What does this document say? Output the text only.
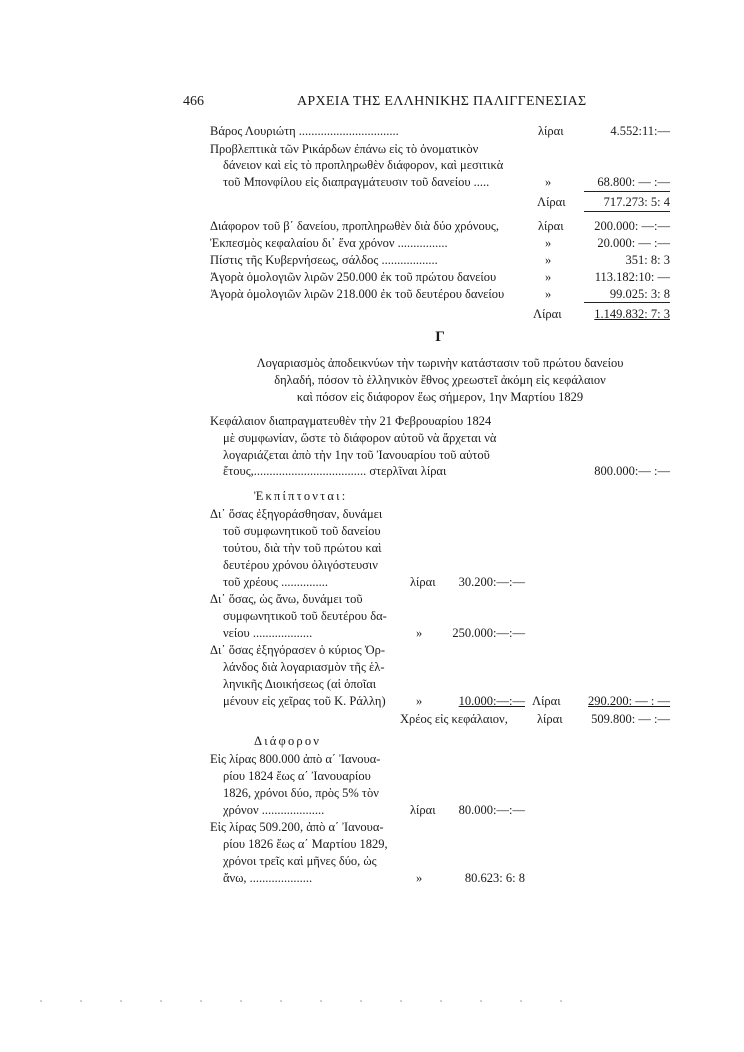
466	ΑΡΧΕΙΑ ΤΗΣ ΕΛΛΗΝΙΚΗΣ ΠΑΛΙΓΓΕΝΕΣΙΑΣ
Βάρος Λουριώτη ................................	λίραι	4.552:11:—
Προβλεπτικὰ τῶν Ρικάρδων ἐπάνω εἰς τὸ ὀνοματικὸν
δάνειον καὶ εἰς τὸ προπληρωθὲν διάφορον, καὶ μεσιτικὰ
τοῦ Μπονφίλου εἰς διαπραγμάτευσιν τοῦ δανείου .....	»	68.800: — :—
Λίραι	717.273: 5: 4
Διάφορον τοῦ β΄ δανείου, προπληρωθὲν διὰ δύο χρόνους,	λίραι	200.000: —:—
Ἐκπεσμὸς κεφαλαίου δι᾿ ἕνα χρόνον ................	»	20.000: — :—
Πίστις τῆς Κυβερνήσεως, σάλδος ..................	»	351: 8: 3
Ἀγορὰ ὁμολογιῶν λιρῶν 250.000 ἐκ τοῦ πρώτου δανείου	»	113.182:10: —
Ἀγορὰ ὁμολογιῶν λιρῶν 218.000 ἐκ τοῦ δευτέρου δανείου	»	99.025: 3: 8
Λίραι	1.149.832: 7: 3
Γ
Λογαριασμὸς ἀποδεικνύων τὴν τωρινὴν κατάστασιν τοῦ πρώτου δανείου
δηλαδή, πόσον τὸ ἑλληνικὸν ἔθνος χρεωστεῖ ἀκόμη εἰς κεφάλαιον
καὶ πόσον εἰς διάφορον ἕως σήμερον, 1ην Μαρτίου 1829
Κεφάλαιον διαπραγματευθὲν τὴν 21 Φεβρουαρίου 1824
μὲ συμφωνίαν, ὥστε τὸ διάφορον αὐτοῦ νὰ ἄρχεται νὰ
λογαριάζεται ἀπὸ τὴν 1ην τοῦ Ἰανουαρίου τοῦ αὐτοῦ
ἔτους,.................................... στερλῖναι λίραι	800.000:— :—
Ἐκπίπτονται:
Δι᾿ ὅσας ἐξηγοράσθησαν, δυνάμει
τοῦ συμφωνητικοῦ τοῦ δανείου
τούτου, διὰ τὴν τοῦ πρώτου καὶ
δευτέρου χρόνου ὀλιγόστευσιν
τοῦ χρέους ...............	λίραι	30.200:—:—
Δι᾿ ὅσας, ὡς ἄνω, δυνάμει τοῦ
συμφωνητικοῦ τοῦ δευτέρου δα-
νείου ...................	»	250.000:—:—
Δι᾿ ὅσας ἐξηγόρασεν ὁ κύριος Ὀρ-
λάνδος διὰ λογαριασμὸν τῆς ἑλ-
ληνικῆς Διοικήσεως (αἱ ὁποῖαι
μένουν εἰς χεῖρας τοῦ Κ. Ράλλη) »	10.000:—:— Λίραι	290.200: — : —
Χρέος εἰς κεφάλαιον, λίραι	509.800: — :—
Διάφορον
Εἰς λίρας 800.000 ἀπὸ α΄ Ἰανουα-
ρίου 1824 ἕως α΄ Ἰανουαρίου
1826, χρόνοι δύο, πρὸς 5% τὸν
χρόνον ....................	λίραι	80.000:—:—
Εἰς λίρας 509.200, ἀπὸ α΄ Ἰανουα-
ρίου 1826 ἕως α΄ Μαρτίου 1829,
χρόνοι τρεῖς καὶ μῆνες δύο, ὡς
ἄνω, ....................	»	80.623: 6: 8
